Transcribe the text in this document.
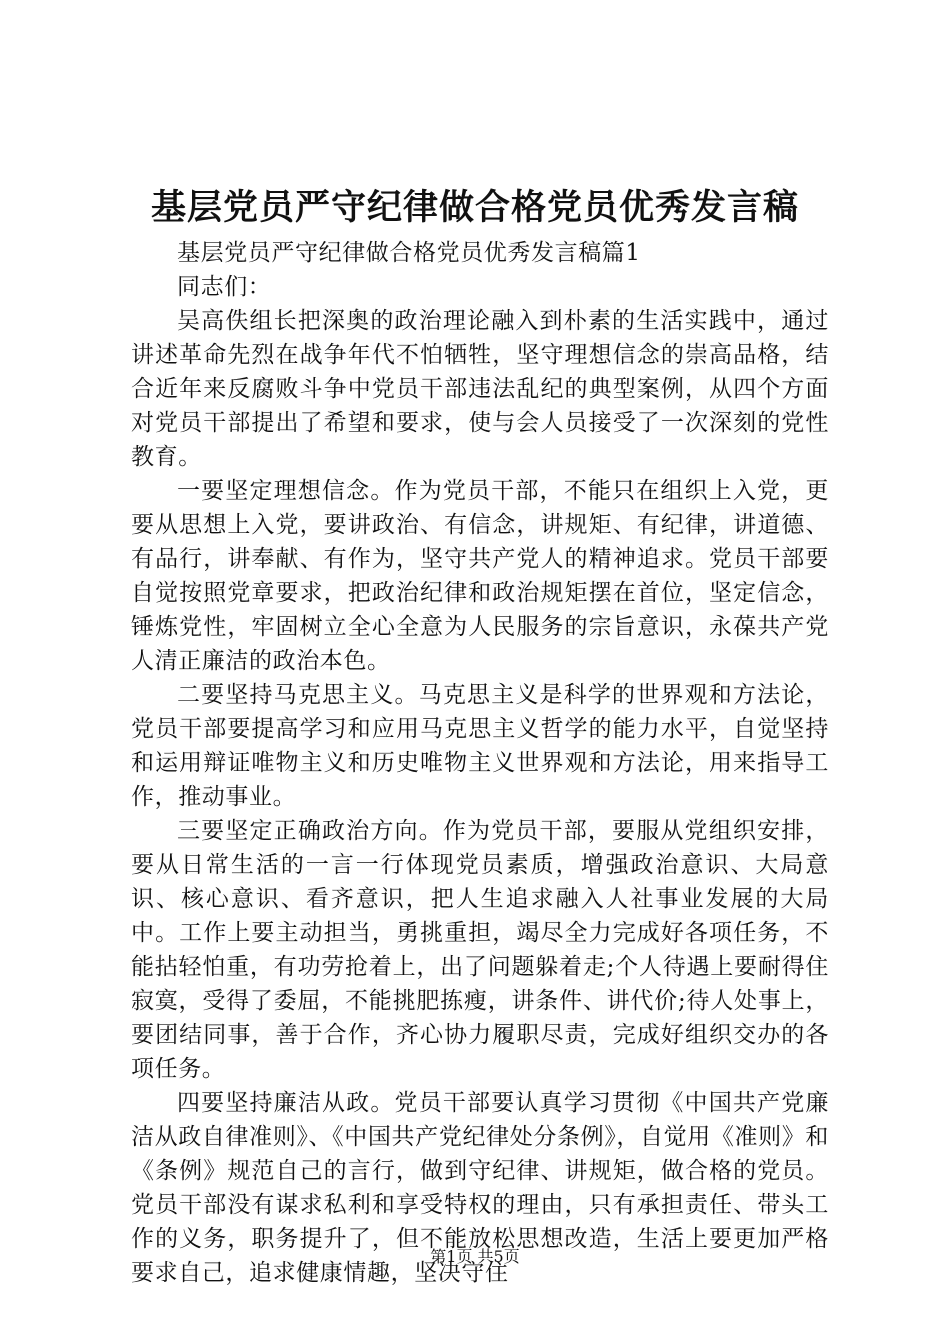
基层党员严守纪律做合格党员优秀发言稿

基层党员严守纪律做合格党员优秀发言稿篇1

同志们：

吴高佚组长把深奥的政治理论融入到朴素的生活实践中，通过讲述革命先烈在战争年代不怕牺牲，坚守理想信念的崇高品格，结合近年来反腐败斗争中党员干部违法乱纪的典型案例，从四个方面对党员干部提出了希望和要求，使与会人员接受了一次深刻的党性教育。

一要坚定理想信念。作为党员干部，不能只在组织上入党，更要从思想上入党，要讲政治、有信念，讲规矩、有纪律，讲道德、有品行，讲奉献、有作为，坚守共产党人的精神追求。党员干部要自觉按照党章要求，把政治纪律和政治规矩摆在首位，坚定信念，锤炼党性，牢固树立全心全意为人民服务的宗旨意识，永葆共产党人清正廉洁的政治本色。

二要坚持马克思主义。马克思主义是科学的世界观和方法论，党员干部要提高学习和应用马克思主义哲学的能力水平，自觉坚持和运用辩证唯物主义和历史唯物主义世界观和方法论，用来指导工作，推动事业。

三要坚定正确政治方向。作为党员干部，要服从党组织安排，要从日常生活的一言一行体现党员素质，增强政治意识、大局意识、核心意识、看齐意识，把人生追求融入人社事业发展的大局中。工作上要主动担当，勇挑重担，竭尽全力完成好各项任务，不能拈轻怕重，有功劳抢着上，出了问题躲着走;个人待遇上要耐得住寂寞，受得了委屈，不能挑肥拣瘦，讲条件、讲代价;待人处事上，要团结同事，善于合作，齐心协力履职尽责，完成好组织交办的各项任务。

四要坚持廉洁从政。党员干部要认真学习贯彻《中国共产党廉洁从政自律准则》、《中国共产党纪律处分条例》，自觉用《准则》和《条例》规范自己的言行，做到守纪律、讲规矩，做合格的党员。党员干部没有谋求私利和享受特权的理由，只有承担责任、带头工作的义务，职务提升了，但不能放松思想改造，生活上要更加严格要求自己，追求健康情趣，坚决守住

第1页 共5页
